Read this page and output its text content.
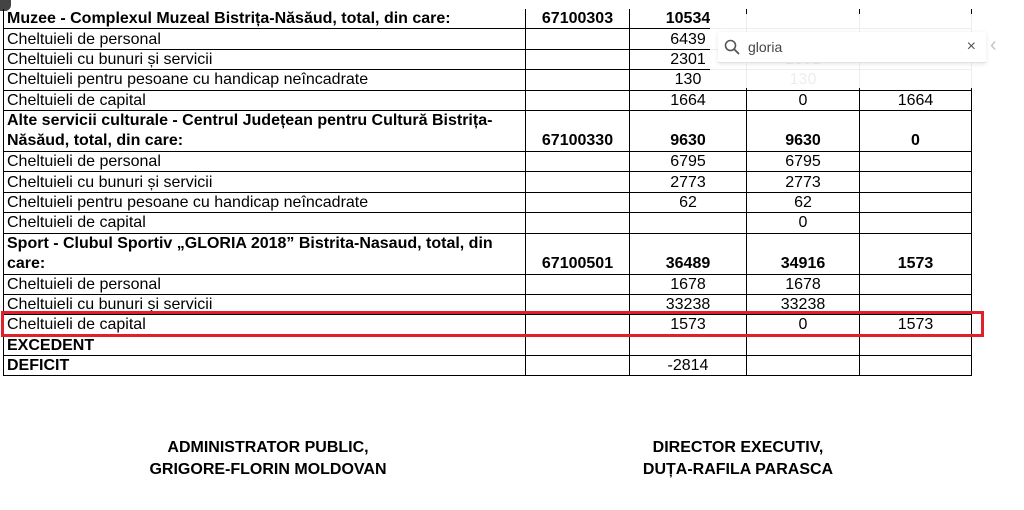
Muzee - Complexul Muzeal Bistrița-Năsăud, total, din care:	67100303	10534		
Cheltuieli de personal		6439		
Cheltuieli cu bunuri și servicii		2301		
Cheltuieli pentru pesoane cu handicap neîncadrate		130		
Cheltuieli de capital		1664	0	1664
Alte servicii culturale - Centrul Județean pentru Cultură Bistrița-Năsăud, total, din care:	67100330	9630	9630	0
Cheltuieli de personal		6795	6795	
Cheltuieli cu bunuri și servicii		2773	2773	
Cheltuieli pentru pesoane cu handicap neîncadrate		62	62	
Cheltuieli de capital			0	
Sport - Clubul Sportiv „GLORIA 2018” Bistrita-Nasaud, total, din care:	67100501	36489	34916	1573
Cheltuieli de personal		1678	1678	
Cheltuieli cu bunuri și servicii		33238	33238	
Cheltuieli de capital		1573	0	1573
EXCEDENT				
DEFICIT		-2814		
ADMINISTRATOR PUBLIC,
GRIGORE-FLORIN MOLDOVAN
DIRECTOR EXECUTIV,
DUȚA-RAFILA PARASCA
gloria
× ‹
